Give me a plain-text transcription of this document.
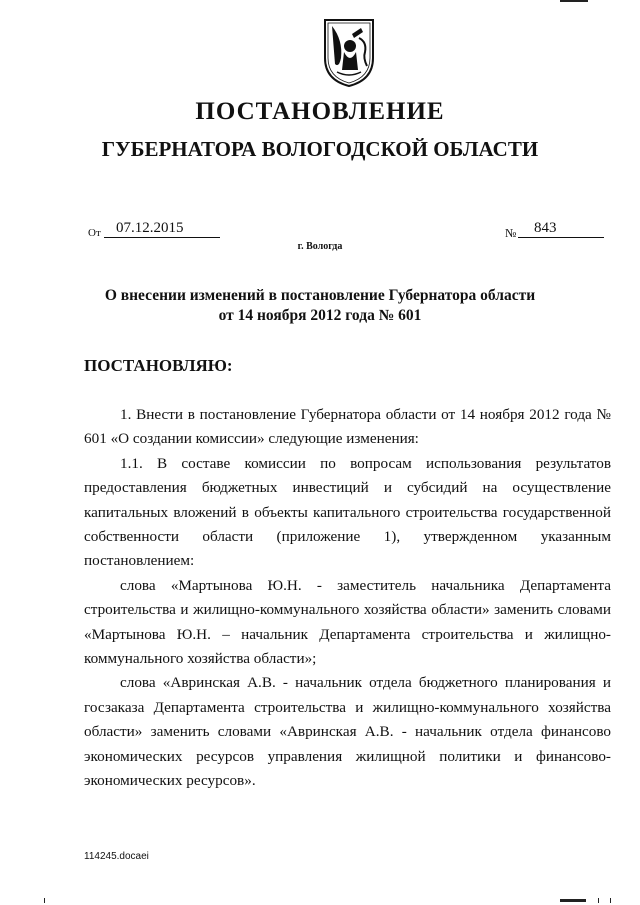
ПОСТАНОВЛЕНИЕ
ГУБЕРНАТОРА ВОЛОГОДСКОЙ ОБЛАСТИ
От	07.12.2015	№	843
г. Вологда
О внесении изменений в постановление Губернатора области
от 14 ноября 2012 года № 601
ПОСТАНОВЛЯЮ:

1. Внести в постановление Губернатора области от 14 ноября 2012 года № 601 «О создании комиссии» следующие изменения:

1.1. В составе комиссии по вопросам использования результатов предоставления бюджетных инвестиций и субсидий на осуществление капитальных вложений в объекты капитального строительства государственной собственности области (приложение 1), утвержденном указанным постановлением:

слова «Мартынова Ю.Н. - заместитель начальника Департамента строительства и жилищно-коммунального хозяйства области» заменить словами «Мартынова Ю.Н. – начальник Департамента строительства и жилищно-коммунального хозяйства области»;

слова «Авринская А.В. - начальник отдела бюджетного планирования и госзаказа Департамента строительства и жилищно-коммунального хозяйства области» заменить словами «Авринская А.В. - начальник отдела финансово экономических ресурсов управления жилищной политики и финансово-экономических ресурсов».

114245.docaei
